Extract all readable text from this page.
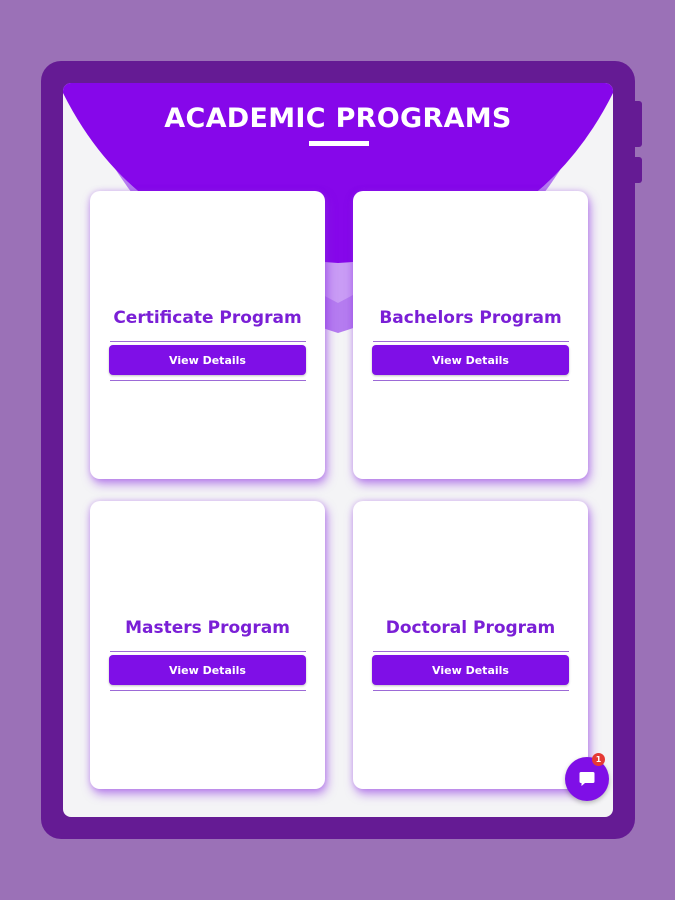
ACADEMIC PROGRAMS
Certificate Program
View Details
Bachelors Program
View Details
Masters Program
View Details
Doctoral Program
View Details
1
